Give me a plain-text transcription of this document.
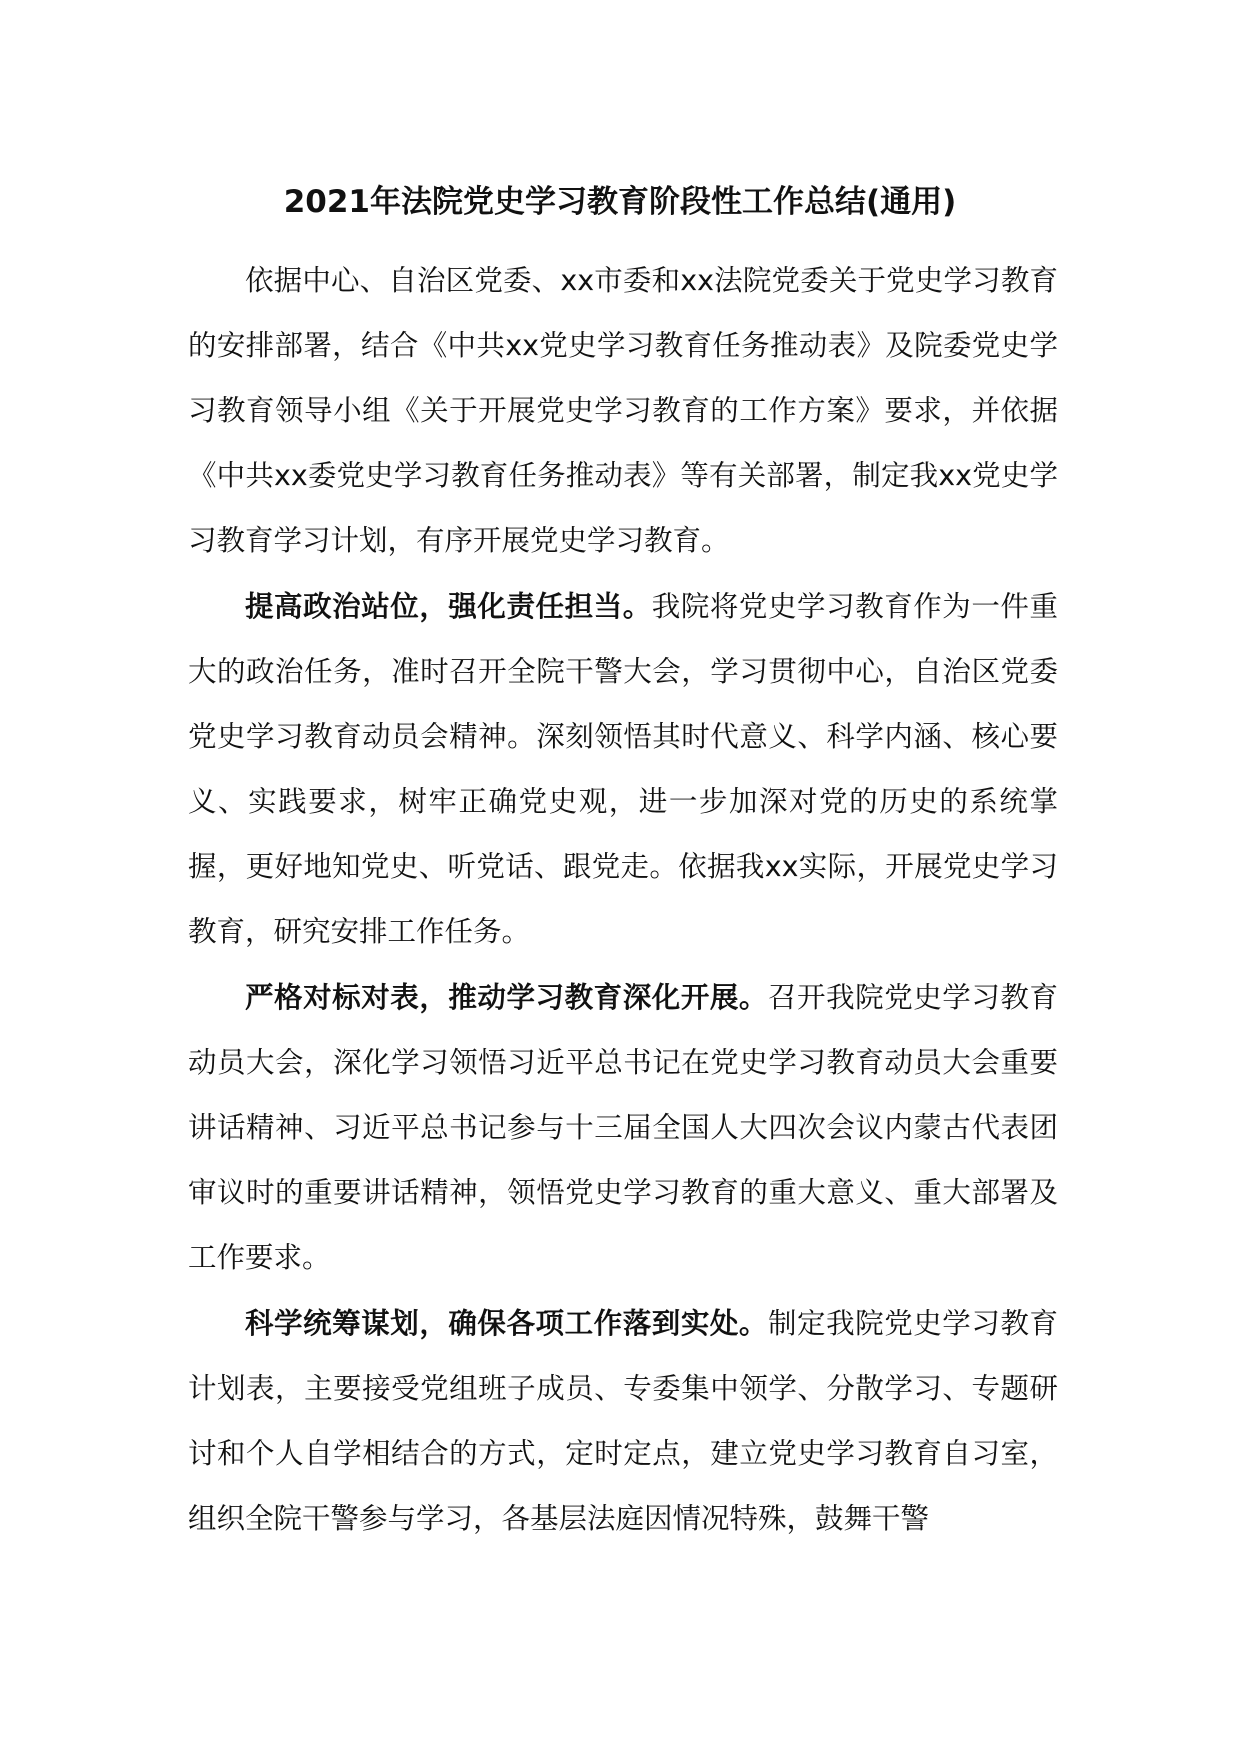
2021年法院党史学习教育阶段性工作总结(通用)

依据中心、自治区党委、xx市委和xx法院党委关于党史学习教育的安排部署，结合《中共xx党史学习教育任务推动表》及院委党史学习教育领导小组《关于开展党史学习教育的工作方案》要求，并依据《中共xx委党史学习教育任务推动表》等有关部署，制定我xx党史学习教育学习计划，有序开展党史学习教育。

提高政治站位，强化责任担当。我院将党史学习教育作为一件重大的政治任务，准时召开全院干警大会，学习贯彻中心，自治区党委党史学习教育动员会精神。深刻领悟其时代意义、科学内涵、核心要义、实践要求，树牢正确党史观，进一步加深对党的历史的系统掌握，更好地知党史、听党话、跟党走。依据我xx实际，开展党史学习教育，研究安排工作任务。

严格对标对表，推动学习教育深化开展。召开我院党史学习教育动员大会，深化学习领悟习近平总书记在党史学习教育动员大会重要讲话精神、习近平总书记参与十三届全国人大四次会议内蒙古代表团审议时的重要讲话精神，领悟党史学习教育的重大意义、重大部署及工作要求。

科学统筹谋划，确保各项工作落到实处。制定我院党史学习教育计划表，主要接受党组班子成员、专委集中领学、分散学习、专题研讨和个人自学相结合的方式，定时定点，建立党史学习教育自习室，组织全院干警参与学习，各基层法庭因情况特殊，鼓舞干警
